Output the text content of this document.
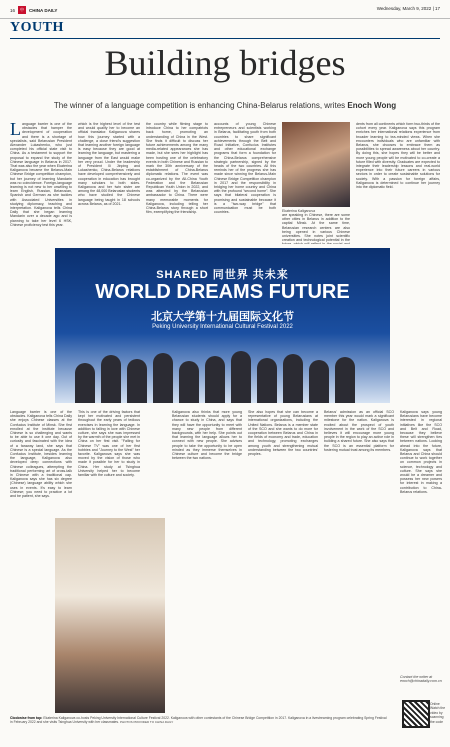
16	中	CHINA DAILY	Wednesday, March 9, 2022 | 17
YOUTH
Building bridges
The winner of a language competition is enhancing China-Belarus relations, writes Enoch Wong
Language barrier is one of the obstacles that hamper the development of cooperation and there is a shortage of specialists, said Belarusian President Alexander Lukashenko, who just completed his official state visit to China. As a testament to support the proposal to expand the study of the Chinese language in Belarus in 2017. That was also the year when Ekaterina Kaliganova became the Belarus-Main Chinese Bridge competition champion, but her journey of learning Mandarin was no coincidence. Foreign-language learning is not new to her unwilling to learn English, Russian, Belarusian, Spanish and German as she tackles with Associated Universities in studying diplomacy, teaching and interpretation. Kaliganova tells China Daily that she began learning Mandarin over a decade ago and is planning to take her level 6 HSK, Chinese proficiency test this year.
which is the highest level of the test and would qualify her to become an official translator. Kaliganova shares how this journey started with a challenge, a close friend's suggestion that learning another foreign language is easy because they are good at learning the language, but mastering a language from the East would make her very proud. Under the leadership of President Xi Jinping and Lukashenko, China-Belarus relations have developed comprehensively and cooperation in education has brought many scholars to both sides. Kaliganova and her twin sister are among the 48,000 Belarusian students who have studied the Chinese language being taught in 18 schools across Belarus, as of 2021.
the country while filming stage to introduce China to her compatriots back home, promoting an understanding of China in the West. She finds it difficult to discuss her future achievements among the many media-related appearances she has made, but she sees her highlight has been hosting one of the celebratory events in both Chinese and Russian to mark the 30th anniversary of the establishment of China-Belarus diplomatic relations. The event was co-organized by the All-China Youth Federation and the Belarusian Republican Youth Union in 2022, and was attended by the Belarusian ambassador to China. There were many memorable moments for Kaliganova, including telling her China-Belarus story through a short film, exemplifying the friendship.
accounts of young Chinese entrepreneurs and scientists working in Belarus, facilitating youth from both countries to share significant achievements through the Belt and Road Initiative, Confucius Institutes and other educational exchange programs that form a foundation for the China-Belarus comprehensive strategic partnership, signed by the heads of the two countries. All this reminds her of the progress she has made since winning the Belarus-Main Chinese Bridge Competition champion in 2017 and the responsibility in bridging her home country and China with the profound "second home". She says that bilateral cooperation is promising and sustainable because it is a "two-way bridge" that communication must be both countries.	Ekaterina Kaliganova
are speaking in Chinese, there are some other cities in Belarus in addition to the capital Minsk. At the same time, Belarusian research centers are also being opened in various Chinese universities. She notes joint scientific creation and technological potential in the
dents from all continents which form two-thirds of the cohort every year. Kaliganova says this program enriches her international relations experience from broader learning to tea-minded views. When she encounters individuals who are unfamiliar with Belarus, she chooses to embrace them as possibilities to spread awareness about her country. By doing this, she hopes they will be better and more young people will be motivated to co-create a future filled with diversity. Graduates are expected to integrate their leadership lessons and real-world experience into their future careers in various sectors in order to create sustainable solutions for society. With a passion for foreign affairs, Kaliganova is determined to continue her journey into the diplomatic field.
SHARED 同世界 共未来
WORLD DREAMS FUTURE
北京大学第十九届国际文化节
Peking University International Cultural Festival 2022
Language barrier is one of the obstacles. Kaliganova tells China Daily she enjoys Chinese classes at the Confucius Institute of Minsk. She first enrolled at the institute because Chinese is so challenging and wants to be able to use it one day. Out of curiosity and fascinated with the idea of a faraway land, she says that Chinese is a special language. As the Confucius Institute, besides learning the language, Kaliganova also developed deep connections with Chinese colleagues, attempting the traditional performing art of cross-talk in Chinese with a traditional cap. Kaliganova says she has six degree (Chinese) language ability which she uses in events. It's easy to learn Chinese; you need to practice a lot and be patient, she says.
This is one of the driving factors that kept her motivated and persistent throughout the early years of tedious exercises in learning the language. In addition to falling in love with Chinese culture, she says she was impressed by the warmth of the people she met in China on her first visit. "Falling for Chinese TV" was one of her first hobbies and "Journey to the West" her favorite. Kaliganova says she was moved by the vision of those who made it possible for her to study in China. Her study at Tsinghua University helped her to become familiar with the culture and society.
Kaliganova also thinks that more young Belarusian students should apply for a chance to study in China, and says that they will have the opportunity to meet with many new people from different backgrounds, with her help. She points out that learning the language allows her to connect with new people. She advises people to take the opportunity to be open minded as they immerse themselves in Chinese culture and become the bridge between the two nations.
She also hopes that she can become a representative of young Belarusians at international organizations, including the United Nations. Belarus is a member state of the SCO and she wants to do more for cooperation between Belarus and China in the fields of economy and trade, education and technology, promoting exchanges among youth and strengthening mutual understanding between the two countries' peoples.
Belarus' admission as an official SCO member this year would mark a significant milestone for the nation. Kaliganova is excited about the prospect of youth involvement in the work of the SCO and believes it will encourage more young people in the region to play an active role in building a shared future. She also says that the SCO is an essential platform for fostering mutual trust among its members.
Kaliganova says young Belarusians have become interested in regional initiatives like the SCO and Belt and Road, because they believe these will strengthen ties between nations. Looking ahead into the future, Kaliganova says that Belarus and China should continue to work together on common projects in science, technology and culture. She says she would be a dreamer and possess her new powers for interest in making a contribution to China-Belarus relations.
Contact the writer at enoch@chinadaily.com.cn
Clockwise from top: Ekaterina Kaliganova co-hosts Peking University International Culture Festival 2022. Kaliganova with other contestants of the Chinese Bridge Competition in 2017. Kaliganova in a livestreaming program celebrating Spring Festival in February 2022 and she visits Tsinghua University with her classmates. PHOTOS PROVIDED TO CHINA DAILY
Online Watch the video by scanning the code
